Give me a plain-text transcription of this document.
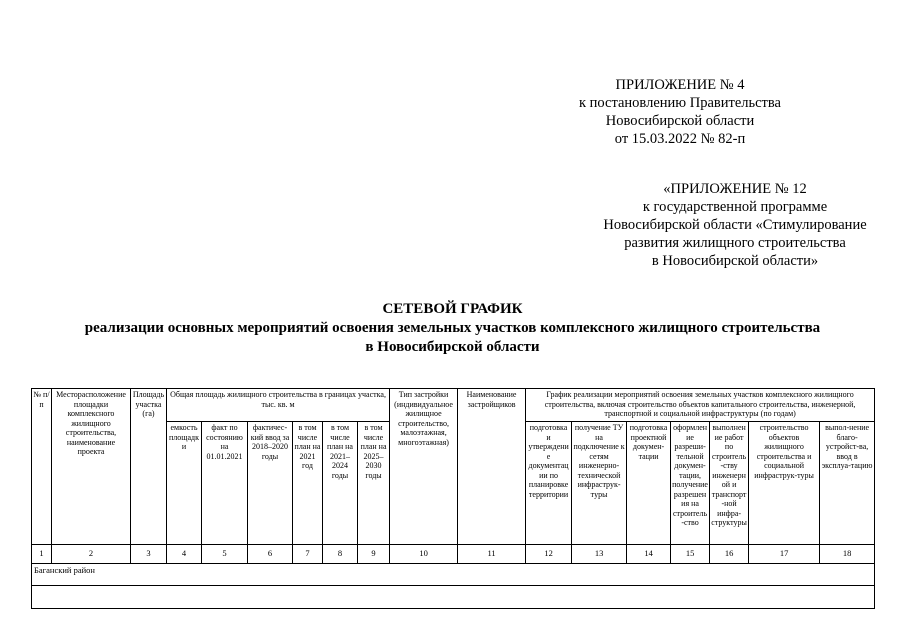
ПРИЛОЖЕНИЕ № 4
к постановлению Правительства
Новосибирской области
от 15.03.2022 № 82-п
«ПРИЛОЖЕНИЕ № 12
к государственной программе
Новосибирской области «Стимулирование
развития жилищного строительства
в Новосибирской области»
СЕТЕВОЙ ГРАФИК
реализации основных мероприятий освоения земельных участков комплексного жилищного строительства
в Новосибирской области
№ п/п	Месторасположение площадки комплексного жилищного строительства, наименование проекта	Площадь участка (га)	Общая площадь жилищного строительства в границах участка, тыс. кв. м						Тип застройки (индивидуальное жилищное строительство, малоэтажная, многоэтажная)	Наименование застройщиков	График реализации мероприятий освоения земельных участков комплексного жилищного строительства, включая строительство объектов капитального строительства, инженерной, транспортной и социальной инфраструктуры (по годам)						
			емкость площадки	факт по состоянию на 01.01.2021	фактичес-кий ввод за 2018–2020 годы	в том числе план на 2021 год	в том числе план на 2021–2024 годы	в том числе план на 2025–2030 годы			подготовка и утверждение документации по планировке территории	получение ТУ на подключение к сетям инженерно-технической инфраструк-туры	подготовка проектной докумен-тации	оформление разреши-тельной докумен-тации, получение разрешения на строитель-ство	выполнение работ по строитель-ству инженерной и транспорт-ной инфра-структуры	строительство объектов жилищного строительства и социальной инфраструк-туры	выпол-нение благо-устройст-ва, ввод в эксплуа-тацию
1	2	3	4	5	6	7	8	9	10	11	12	13	14	15	16	17	18
Баганский район																	
